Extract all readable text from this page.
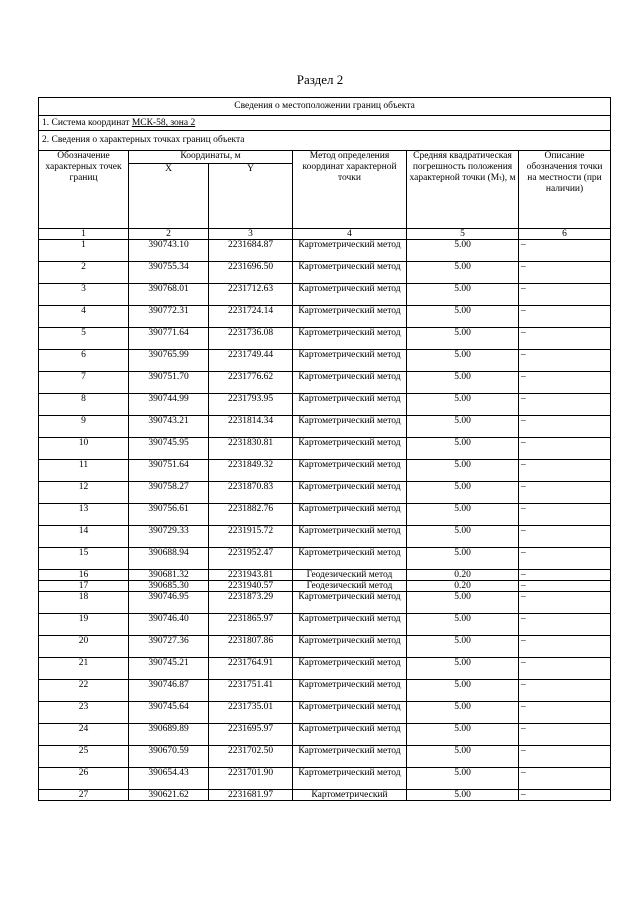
Раздел 2
Сведения о местоположении границ объекта					
1. Система координат МСК-58, зона 2					
2. Сведения о характерных точках границ объекта					
Обозначение характерных точек границ	Координаты, м		Метод определения координат характерной точки	Средняя квадратическая погрешность положения характерной точки (Mₜ), м	Описание обозначения точки на местности (при наличии)
	X	Y			
1	2	3	4	5	6
1	390743.10	2231684.87	Картометрический метод	5.00	–
2	390755.34	2231696.50	Картометрический метод	5.00	–
3	390768.01	2231712.63	Картометрический метод	5.00	–
4	390772.31	2231724.14	Картометрический метод	5.00	–
5	390771.64	2231736.08	Картометрический метод	5.00	–
6	390765.99	2231749.44	Картометрический метод	5.00	–
7	390751.70	2231776.62	Картометрический метод	5.00	–
8	390744.99	2231793.95	Картометрический метод	5.00	–
9	390743.21	2231814.34	Картометрический метод	5.00	–
10	390745.95	2231830.81	Картометрический метод	5.00	–
11	390751.64	2231849.32	Картометрический метод	5.00	–
12	390758.27	2231870.83	Картометрический метод	5.00	–
13	390756.61	2231882.76	Картометрический метод	5.00	–
14	390729.33	2231915.72	Картометрический метод	5.00	–
15	390688.94	2231952.47	Картометрический метод	5.00	–
16	390681.32	2231943.81	Геодезический метод	0.20	–
17	390685.30	2231940.57	Геодезический метод	0.20	–
18	390746.95	2231873.29	Картометрический метод	5.00	–
19	390746.40	2231865.97	Картометрический метод	5.00	–
20	390727.36	2231807.86	Картометрический метод	5.00	–
21	390745.21	2231764.91	Картометрический метод	5.00	–
22	390746.87	2231751.41	Картометрический метод	5.00	–
23	390745.64	2231735.01	Картометрический метод	5.00	–
24	390689.89	2231695.97	Картометрический метод	5.00	–
25	390670.59	2231702.50	Картометрический метод	5.00	–
26	390654.43	2231701.90	Картометрический метод	5.00	–
27	390621.62	2231681.97	Картометрический	5.00	–
